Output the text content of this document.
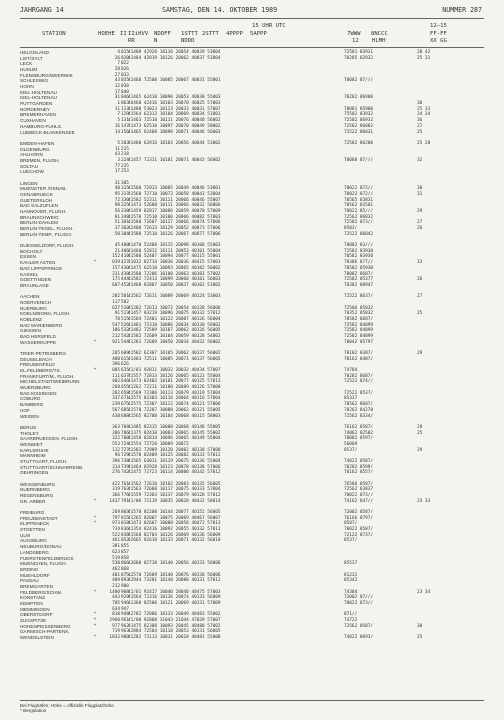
JAHRGANG 14	SAMSTAG, DEN 14. OKTOBER 1989	NUMMER 287
15 UHR UTC	12—15
STATION	HOEHE II IIiHVV NDDFF 1STTT 2STTT 4PPPP 5APPP	7WWW 8NCCC	FF-FF
RR	N	NDDD	12 HLMH	XX GG
HELGOLAND	4 015 41480 42920 10116 20054 40039 53004	72581 83931	28 42
LIST/SYLT	26 020 41484 42819 10126 20062 40037 53004	70285 82932	25 31
LECK	7 022
HUSUM	28 026
FLENSBURG/WEERWIK	27 033
SCHLESWIG	43 035 41460 72508 10085 20067 40031 55001	70082 87///
HOHN	12 038
KIEL-HOLTENAU	17 040
KIEL-HOLTENAU	31 046 41465 62410 10090 20053 40038 55003	70282 86900
PUTTGARDEN	1 063 46460 42416 10103 20070 40025 57003	30
NORDERNEY	11 113 41480 53023 10113 20033 40031 57007	78081 85900	25 33
BREMERHAVEN	7 129 41564 62313 10104 20069 40034 51001	75502 83932	24 34
CUXHAVEN	5 131 41463 72510 10111 20076 40040 56002	72502 86932	36
HAMBURG-FUHLS.	16 147 41473 62510 10097 20070 40049 58002	72582 86802	27
LUEBECK-BLANKENSEE	14 156 41465 62408 10090 20071 40046 56003	72522 86831	25
EMDEN-HAFEN	5 203 41480 62816 10103 20056 40044 53002	72582 86200	25 28
OLDENBURG	11 215
AHLHORN	43 218
BREMEN, FLUGH.	3 224 41457 72311 10101 20071 40043 56002	70088 87///	32
SOLTAU	77 235
LUECHOW	17 253
LINGEN	31 305
MUENSTER /OSNAB.	48 315 41560 72913 10085 20049 40046 53001	70022 872//	30
OSNABRUECK	95 317 41560 72710 10072 20058 40043 53004	78022 872//	31
GUETERSLOH	72 330 41582 52311 10111 20066 40046 55007	70565 83831
BAD SALZUFLEN	98 325 41473 52608 10111 20066 40032 56006	70562 83501
HANNOVER, FLUGH.	56 338 41459 82817 10086 20059 40078 57009	70022 85///	29
BRAUNSCHWEIG	81 348 41570 72510 10100 20066 40082 57003	72562 86832
BERLIN-DAHLEM	51 381 41580 72607 10127 20066 40074 57006	72582 873//	27
BERLIN-TEGEL, FLUGH.	37 382 42480 72613 10129 20052 40073 57006	8583/	26
BERLIN-TEMP., FLUGH.	50 384 41580 72510 10126 20067 40077 57006	72522 86842
DUESSELDORF, FLUGH.	45 400 41470 52408 10115 20098 40100 55003	70002 83///
BOCHOLT	21 406 41460 52812 10111 20053 40101 55004	72582 83930
ESSEN	152 410 41580 52407 10094 20077 40115 55001	70582 83930
KAHLER ASTEN	*	839 427 41032 82714 10036 20036 48415 57003	78386 877//	33
BAD LIPPSPRINGE	157 430 41475 62510 10093 20065 40102 56002	70582 85930
KASSEL	231 438 41580 72206 10100 20063 40103 57002	70082 8687/
GOETTINGEN	175 444 41582 72413 10099 20068 40101 56003	72582 85377	26
BRAUNLAGE	607 452 41468 82807 10050 20037 40102 51002	78382 88947
AACHEN	202 501 41562 72611 10089 20069 40124 53003	72522 8637/	27
NOERVENICH	117 502
NUERBURG	627 510 41282 72613 10072 20054 40128 56006	72506 85832
KOELN/BONN, FLUGH.	91 513 41457 83219 10096 20075 40132 57012	70352 85832	25
KOBLENZ	70 515 41584 72403 10122 20087 40126 56004	70582 8687/
BAD MARIENBERG	547 526 41481 72310 10086 20034 40130 56002	72582 84899
GIESSEN	186 532 41482 72509 10107 20062 40126 56005	72582 84899
BAD HERSFELD	212 542 41582 72609 10104 20059 40128 54002	72582 84899
WASSERKUPPE	*	921 544 41281 72609 10050 20034 48432 56002	70042 85797
TRIER-PETRISBERG	265 609 41582 62307 10105 20062 40137 56002	70182 8387/	29
DEUSELBACH	480 615 41483 72511 10085 20071 40137 56005	70162 8487/
FREUDENFELD	396 626
KL.FELDBERG/TS.	*	805 635 41/01 92811 10032 20032 48434 57007	74784
FRANKFURT/M., FLUGH.	111 637 41557 72813 10126 20065 40123 55004	70282 8687/
MICHELSTADT/WEIBRUNN	402 646 41473 82402 10101 20077 40125 57013	72522 874//
WUERZBURG	268 655 41262 72211 10100 20089 40126 57008
BAD KISSINGEN	282 658 41569 72306 10113 20079 40119 57004	72522 8537/
COBURG	337 671 42575 82303 10116 20064 40116 57004	85337
BAMBERG	239 675 42575 72307 10112 20074 40121 57006	70562 8687/
HOF	567 685 41570 72207 10088 20062 40121 55005	70262 84278
WEIDEN	438 688 41565 82708 10104 20068 40115 58003	72562 8334/
BERUS	363 704 41485 82315 10088 20068 40148 55005	76162 8587/	28
THOLEY	386 706 41375 82410 10083 20065 40145 55002	74062 82502	25
SAARBRUECKEN, FLUGH.	322 708 41458 82814 10096 20065 40149 55004	70082 8597/
WEINBIET	553 724 42554 72720 10089 20072	56009
KARLSRUHE	112 727 41582 72909 10120 20082 40138 57008	8537/	29
MANNHEIM	96 729 41570 82409 10125 20082 40133 57012
STUTTGART, FLUGH.	396 738 41565 63011 10119 20075 40136 55004	74022 8587/
STUTTGART/SCHNARRENB.	314 739 41464 82928 10123 20078 40138 57006	70282 8599/
OEHRINGEN	276 742 41475 72723 10114 20080 40142 57012	70162 8557/
WEISSENBURG	422 761 41562 72610 10102 20083 40135 56005	76586 8587/
NUERNBERG	319 763 41563 72608 10117 20075 40133 57004	72562 83837
REGENSBURG	366 776 41559 72303 10137 20079 40128 57012	70022 873//
GR. ARBER	*	1437 791 41/06 72119 10035 20028 48432 58014	74162 847//	23 33
FREIBURG	269 803 41570 82208 10144 20077 40152 56005	72002 8587/
FREUDENSTADT	*	797 815 41265 82807 10075 20069 48467 56007	76166 8797/
KLIPPENECK	*	973 818 41473 82607 10088 20058 48472 57013	8587/
STOETTEN	734 836 41354 82416 10092 20055 40132 57013	70022 8587/
ULM	522 838 41568 82703 10126 20069 40136 56009	72122 8737/
AUGSBURG	461 852 42665 82610 10133 20071 40132 56010	8537/
NEUBURG/DONAU	381 855
LANDSBERG	623 857
FUERSTENFELDBRUCK	519 858
MUENCHEN, FLUGH.	530 866 42680 82710 10140 20056 40133 56006	85537
ERDING	462 868
MUEHLDORF	401 875 42570 72609 10140 20076 40130 56006	81232
PASSAU	409 893 42944 73201 10148 20080 40131 57012	85342
BREMGARTEN	212 900
FELDBERG/SCHW.	*	1480 908 41/01 92417 10040 20040 48475 57003	74304	23 34
KONSTANZ	443 929 41564 72316 10136 20074 40133 56009	72002 87///
KEMPTEN	705 946 41368 82506 10121 20069 40131 57009	70022 873//
MEMMINGEN	634 947
OBERSTDORF	*	810 948 42782 72806 10133 20049 48483 55002	871//
ZUGSPITZE	*	2960 961 41/00 92808 31043 21044 47039 57007	74722
HOHENPEISSENBERG	*	977 962 41475 82308 10093 20045 48480 57002	72562 8587/	30
GARMISCH-PARTENK.	719 963 42884 72504 10118 20053 40131 56005
WENDELSTEIN	*	1832 980 41282 73113 10031 20018 48481 55008	74022 8693/	25
Bei Flughäfen: Höhe = offizielle Flugplatzhöhe
* Bergstation
